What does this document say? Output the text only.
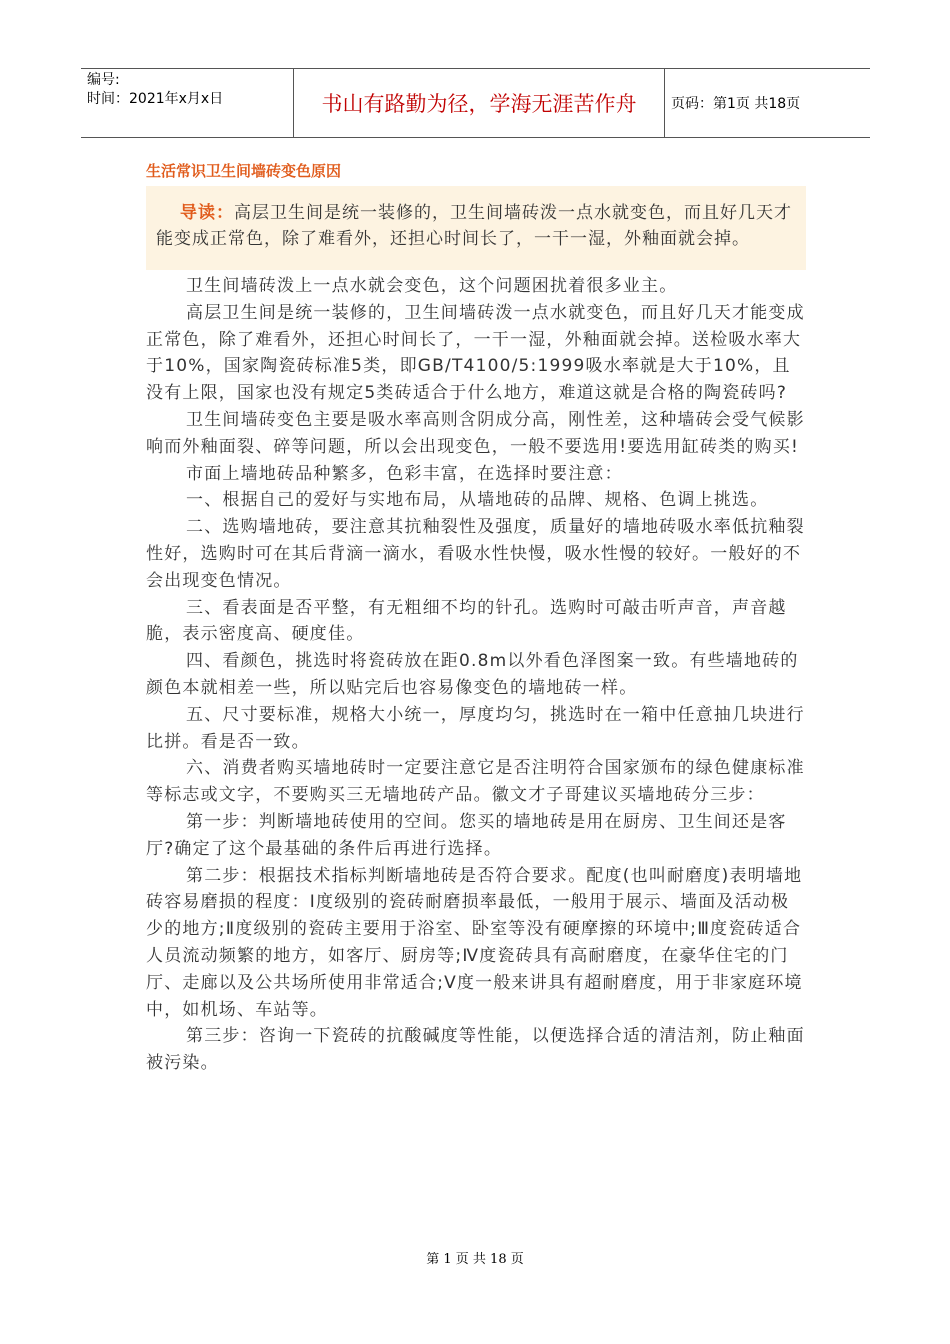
编号:
时间：2021年x月x日	书山有路勤为径，学海无涯苦作舟	页码：第1页 共18页
生活常识卫生间墙砖变色原因

导读：高层卫生间是统一装修的，卫生间墙砖泼一点水就变色，而且好几天才能变成正常色，除了难看外，还担心时间长了，一干一湿，外釉面就会掉。

卫生间墙砖泼上一点水就会变色，这个问题困扰着很多业主。

高层卫生间是统一装修的，卫生间墙砖泼一点水就变色，而且好几天才能变成正常色，除了难看外，还担心时间长了，一干一湿，外釉面就会掉。送检吸水率大于10%，国家陶瓷砖标准5类，即GB/T4100/5:1999吸水率就是大于10%，且没有上限，国家也没有规定5类砖适合于什么地方，难道这就是合格的陶瓷砖吗?

卫生间墙砖变色主要是吸水率高则含阴成分高，刚性差，这种墙砖会受气候影响而外釉面裂、碎等问题，所以会出现变色，一般不要选用!要选用缸砖类的购买!

市面上墙地砖品种繁多，色彩丰富，在选择时要注意：

一、根据自己的爱好与实地布局，从墙地砖的品牌、规格、色调上挑选。

二、选购墙地砖，要注意其抗釉裂性及强度，质量好的墙地砖吸水率低抗釉裂性好，选购时可在其后背滴一滴水，看吸水性快慢，吸水性慢的较好。一般好的不会出现变色情况。

三、看表面是否平整，有无粗细不均的针孔。选购时可敲击听声音，声音越脆，表示密度高、硬度佳。

四、看颜色，挑选时将瓷砖放在距0.8m以外看色泽图案一致。有些墙地砖的颜色本就相差一些，所以贴完后也容易像变色的墙地砖一样。

五、尺寸要标准，规格大小统一，厚度均匀，挑选时在一箱中任意抽几块进行比拼。看是否一致。

六、消费者购买墙地砖时一定要注意它是否注明符合国家颁布的绿色健康标准等标志或文字，不要购买三无墙地砖产品。徽文才子哥建议买墙地砖分三步：

第一步：判断墙地砖使用的空间。您买的墙地砖是用在厨房、卫生间还是客厅?确定了这个最基础的条件后再进行选择。

第二步：根据技术指标判断墙地砖是否符合要求。配度(也叫耐磨度)表明墙地砖容易磨损的程度：Ⅰ度级别的瓷砖耐磨损率最低，一般用于展示、墙面及活动极少的地方;Ⅱ度级别的瓷砖主要用于浴室、卧室等没有硬摩擦的环境中;Ⅲ度瓷砖适合人员流动频繁的地方，如客厅、厨房等;Ⅳ度瓷砖具有高耐磨度，在豪华住宅的门厅、走廊以及公共场所使用非常适合;Ⅴ度一般来讲具有超耐磨度，用于非家庭环境中，如机场、车站等。

第三步：咨询一下瓷砖的抗酸碱度等性能，以便选择合适的清洁剂，防止釉面被污染。

第 1 页 共 18 页
